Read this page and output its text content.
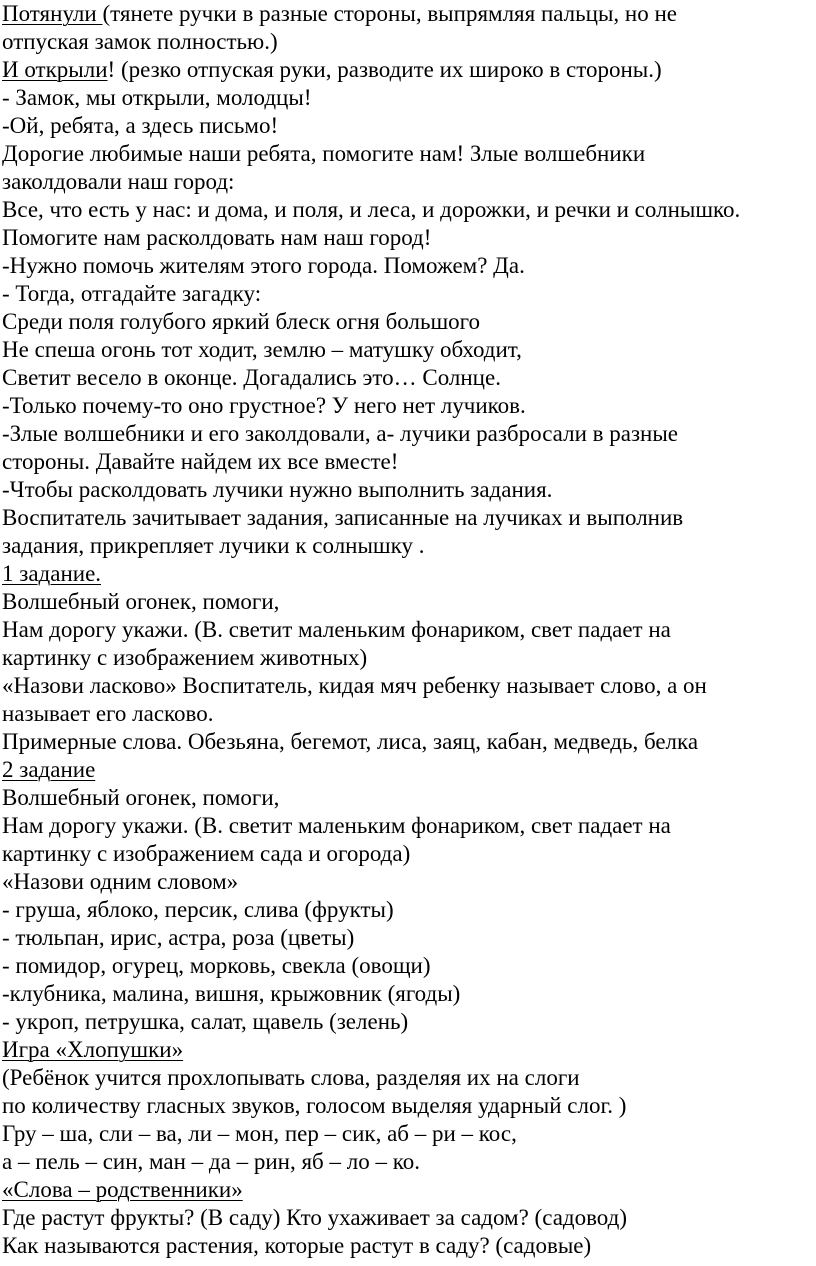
Потянули (тянете ручки в разные стороны, выпрямляя пальцы, но не
отпуская замок полностью.)
И открыли! (резко отпуская руки, разводите их широко в стороны.)
- Замок, мы открыли, молодцы!
-Ой, ребята, а здесь письмо!
Дорогие любимые наши ребята, помогите нам! Злые волшебники
заколдовали наш город:
Все, что есть у нас: и дома, и поля, и леса, и дорожки, и речки и солнышко.
Помогите нам расколдовать нам наш город!
-Нужно помочь жителям этого города. Поможем? Да.
- Тогда, отгадайте загадку:
Среди поля голубого яркий блеск огня большого
Не спеша огонь тот ходит, землю – матушку обходит,
Светит весело в оконце. Догадались это… Солнце.
-Только почему-то оно грустное? У него нет лучиков.
-Злые волшебники и его заколдовали, а- лучики разбросали в разные
стороны. Давайте найдем их все вместе!
-Чтобы расколдовать лучики нужно выполнить задания.
Воспитатель зачитывает задания, записанные на лучиках и выполнив
задания, прикрепляет лучики к солнышку .
1 задание.
Волшебный огонек, помоги,
Нам дорогу укажи. (В. светит маленьким фонариком, свет падает на
картинку с изображением животных)
«Назови ласково» Воспитатель, кидая мяч ребенку называет слово, а он
называет его ласково.
Примерные слова. Обезьяна, бегемот, лиса, заяц, кабан, медведь, белка
2 задание
Волшебный огонек, помоги,
Нам дорогу укажи. (В. светит маленьким фонариком, свет падает на
картинку с изображением сада и огорода)
«Назови одним словом»
- груша, яблоко, персик, слива (фрукты)
- тюльпан, ирис, астра, роза (цветы)
- помидор, огурец, морковь, свекла (овощи)
-клубника, малина, вишня, крыжовник (ягоды)
- укроп, петрушка, салат, щавель (зелень)
Игра «Хлопушки»
(Ребёнок учится прохлопывать слова, разделяя их на слоги
по количеству гласных звуков, голосом выделяя ударный слог. )
Гру – ша, сли – ва, ли – мон, пер – сик, аб – ри – кос,
а – пель – син, ман – да – рин, яб – ло – ко.
«Слова – родственники»
Где растут фрукты? (В саду) Кто ухаживает за садом? (садовод)
Как называются растения, которые растут в саду? (садовые)
